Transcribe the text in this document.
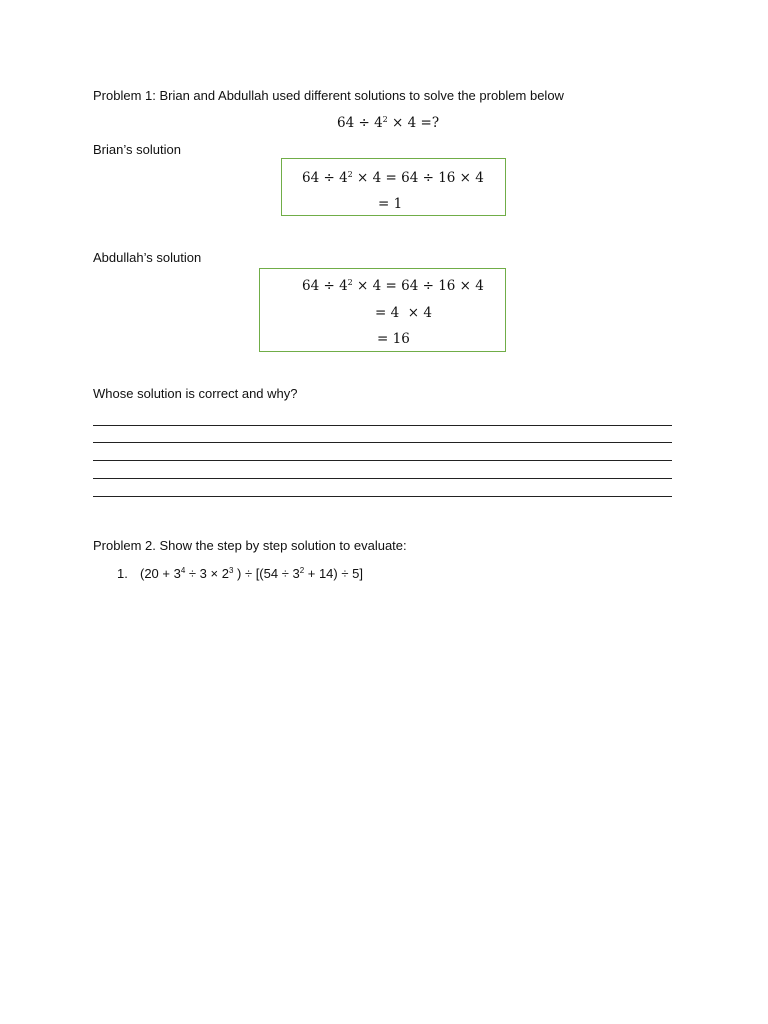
Problem 1: Brian and Abdullah used different solutions to solve the problem below
$64 \div 4^2 \times 4$ =?
Brian’s solution
$64 \div 4^2 \times 4 = 64 \div 16 \times 4$
= 1
Abdullah’s solution
$64 \div 4^2 \times 4 = 64 \div 16 \times 4$
= 4  × 4
= 16
Whose solution is correct and why?
Problem 2. Show the step by step solution to evaluate:
1. ($20 + 3^4 \div 3 \times 2^3$ ) ÷ $[(54 \div 3^2 + 14) \div 5]$
